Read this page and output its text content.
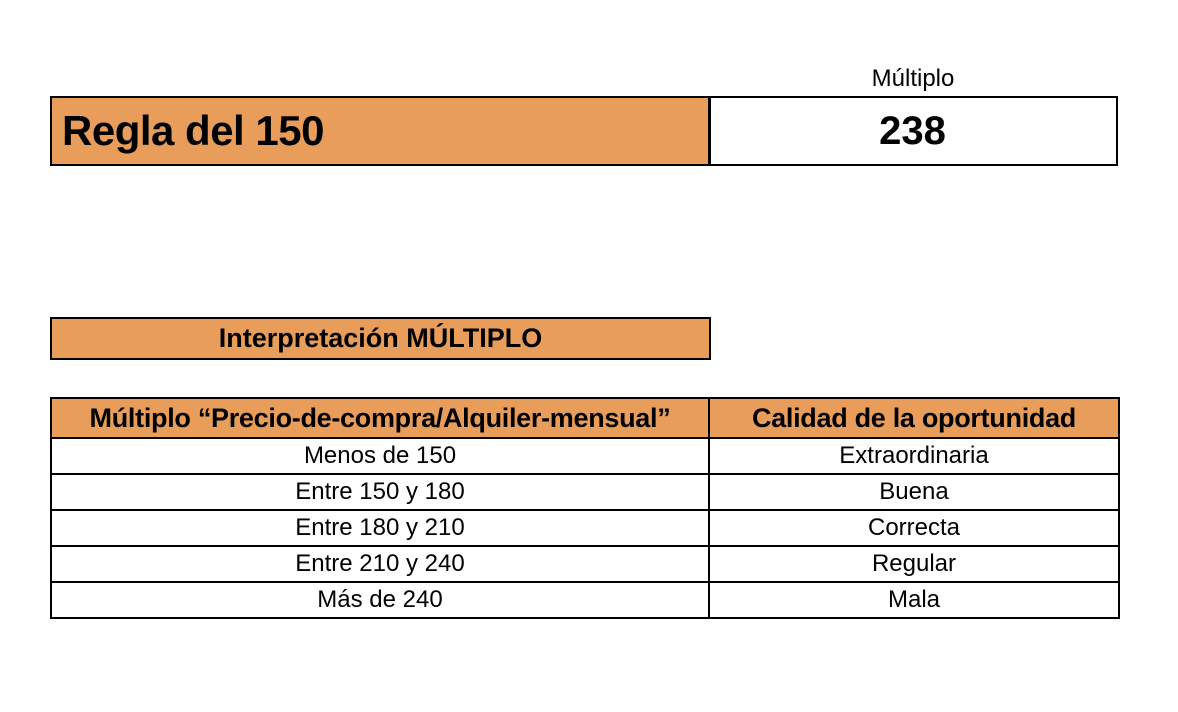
Múltiplo
Regla del 150	238
Interpretación MÚLTIPLO
Múltiplo “Precio-de-compra/Alquiler-mensual”	Calidad de la oportunidad
Menos de 150	Extraordinaria
Entre 150 y 180	Buena
Entre 180 y 210	Correcta
Entre 210 y 240	Regular
Más de 240	Mala
